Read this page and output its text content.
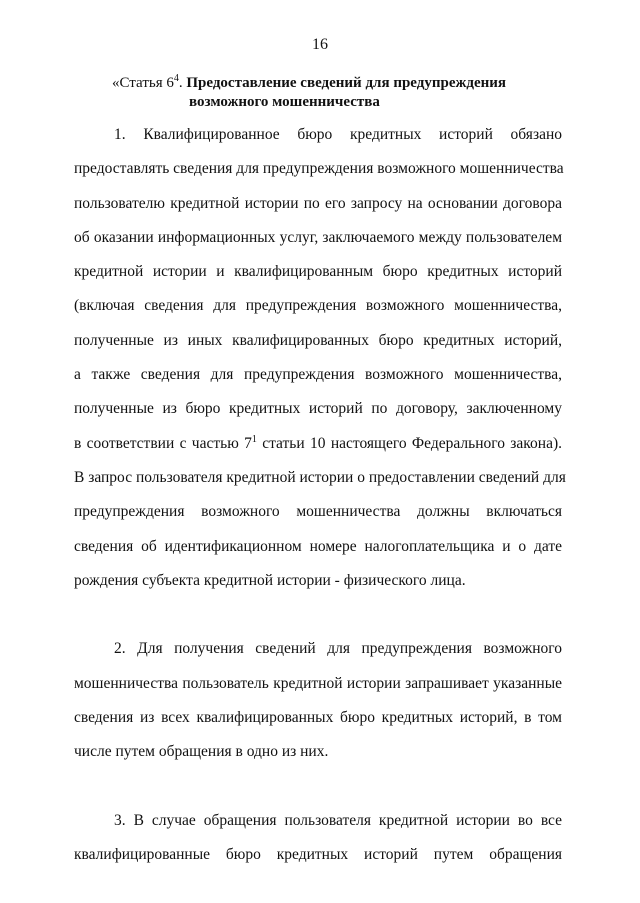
16
«Статья $6^4$. Предоставление сведений для предупреждения
возможного мошенничества
1. Квалифицированное бюро кредитных историй обязано
предоставлять сведения для предупреждения возможного мошенничества
пользователю кредитной истории по его запросу на основании договора
об оказании информационных услуг, заключаемого между пользователем
кредитной истории и квалифицированным бюро кредитных историй
(включая сведения для предупреждения возможного мошенничества,
полученные из иных квалифицированных бюро кредитных историй,
а также сведения для предупреждения возможного мошенничества,
полученные из бюро кредитных историй по договору, заключенному
в соответствии с частью $7^1$ статьи 10 настоящего Федерального закона).
В запрос пользователя кредитной истории о предоставлении сведений для
предупреждения возможного мошенничества должны включаться
сведения об идентификационном номере налогоплательщика и о дате
рождения субъекта кредитной истории - физического лица.
2. Для получения сведений для предупреждения возможного
мошенничества пользователь кредитной истории запрашивает указанные
сведения из всех квалифицированных бюро кредитных историй, в том
числе путем обращения в одно из них.
3. В случае обращения пользователя кредитной истории во все
квалифицированные бюро кредитных историй путем обращения
